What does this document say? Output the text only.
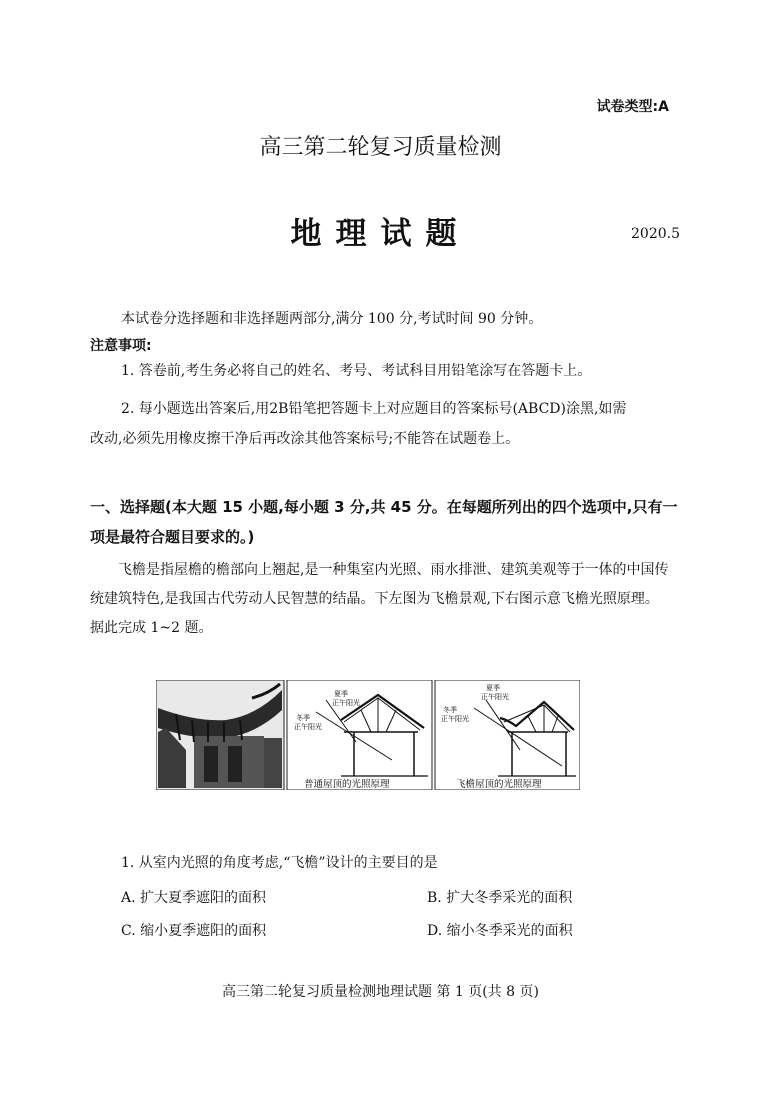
试卷类型:A
高三第二轮复习质量检测
地理试题	2020.5
本试卷分选择题和非选择题两部分,满分 100 分,考试时间 90 分钟。
注意事项:
1. 答卷前,考生务必将自己的姓名、考号、考试科目用铅笔涂写在答题卡上。
2. 每小题选出答案后,用2B铅笔把答题卡上对应题目的答案标号(ABCD)涂黑,如需
改动,必须先用橡皮擦干净后再改涂其他答案标号;不能答在试题卷上。
一、选择题(本大题 15 小题,每小题 3 分,共 45 分。在每题所列出的四个选项中,只有一项是最符合题目要求的。)
飞檐是指屋檐的檐部向上翘起,是一种集室内光照、雨水排泄、建筑美观等于一体的中国传统建筑特色,是我国古代劳动人民智慧的结晶。下左图为飞檐景观,下右图示意飞檐光照原理。据此完成 1~2 题。
夏季
正午阳光
冬季
正午阳光
普通屋顶的光照原理
夏季
正午阳光
冬季
正午阳光
飞檐屋顶的光照原理
1. 从室内光照的角度考虑,“飞檐”设计的主要目的是
A. 扩大夏季遮阳的面积	B. 扩大冬季采光的面积
C. 缩小夏季遮阳的面积	D. 缩小冬季采光的面积
高三第二轮复习质量检测地理试题 第 1 页(共 8 页)
